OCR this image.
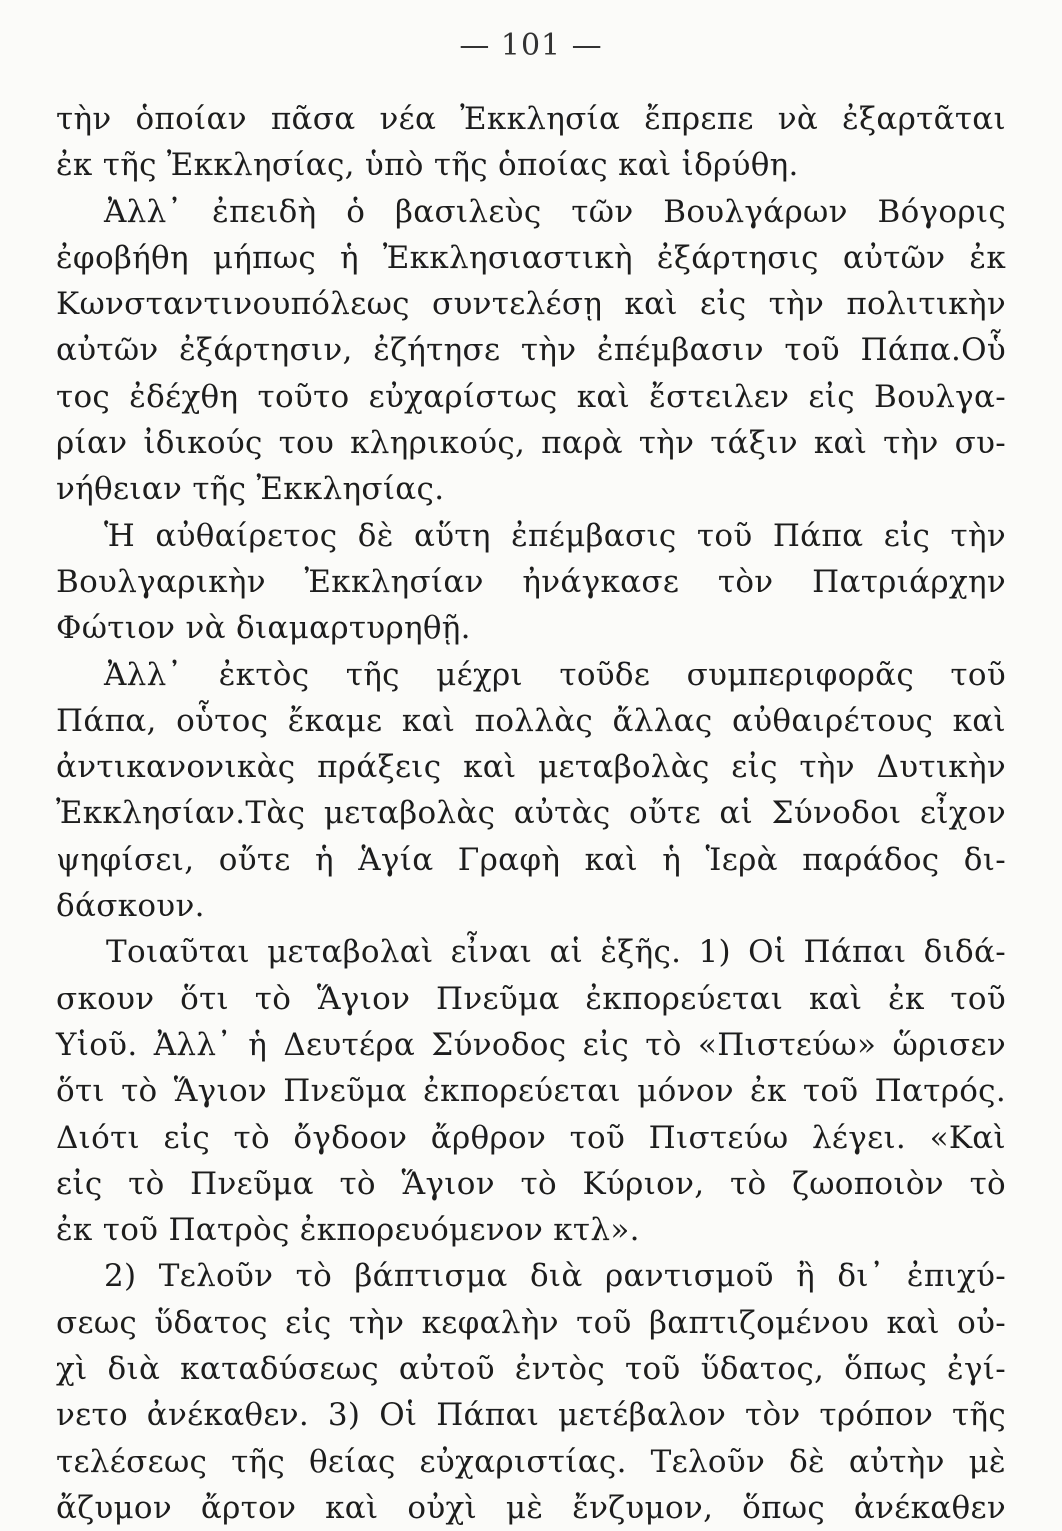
— 101 —
τὴν ὁποίαν πᾶσα νέα Ἐκκλησία ἔπρεπε νὰ ἐξαρτᾶται
ἐκ τῆς Ἐκκλησίας, ὑπὸ τῆς ὁποίας καὶ ἱδρύθη.
Ἀλλ᾽ ἐπειδὴ ὁ βασιλεὺς τῶν Βουλγάρων Βόγορις
ἐφοβήθη μήπως ἡ Ἐκκλησιαστικὴ ἐξάρτησις αὐτῶν ἐκ
Κωνσταντινουπόλεως συντελέσῃ καὶ εἰς τὴν πολιτικὴν
αὐτῶν ἐξάρτησιν, ἐζήτησε τὴν ἐπέμβασιν τοῦ Πάπα.Οὗ
τος ἐδέχθη τοῦτο εὐχαρίστως καὶ ἔστειλεν εἰς Βουλγα-
ρίαν ἰδικούς του κληρικούς, παρὰ τὴν τάξιν καὶ τὴν συ-
νήθειαν τῆς Ἐκκλησίας.
Ἡ αὐθαίρετος δὲ αὕτη ἐπέμβασις τοῦ Πάπα εἰς τὴν
Βουλγαρικὴν Ἐκκλησίαν ἠνάγκασε τὸν Πατριάρχην
Φώτιον νὰ διαμαρτυρηθῇ.
Ἀλλ᾽ ἐκτὸς τῆς μέχρι τοῦδε συμπεριφορᾶς τοῦ
Πάπα, οὗτος ἔκαμε καὶ πολλὰς ἄλλας αὐθαιρέτους καὶ
ἀντικανονικὰς πράξεις καὶ μεταβολὰς εἰς τὴν Δυτικὴν
Ἐκκλησίαν.Τὰς μεταβολὰς αὐτὰς οὔτε αἱ Σύνοδοι εἶχον
ψηφίσει, οὔτε ἡ Ἁγία Γραφὴ καὶ ἡ Ἱερὰ παράδος δι-
δάσκουν.
Τοιαῦται μεταβολαὶ εἶναι αἱ ἑξῆς. 1) Οἱ Πάπαι διδά-
σκουν ὅτι τὸ Ἅγιον Πνεῦμα ἐκπορεύεται καὶ ἐκ τοῦ
Υἱοῦ. Ἀλλ᾽ ἡ Δευτέρα Σύνοδος εἰς τὸ «Πιστεύω» ὥρισεν
ὅτι τὸ Ἅγιον Πνεῦμα ἐκπορεύεται μόνον ἐκ τοῦ Πατρός.
Διότι εἰς τὸ ὄγδοον ἄρθρον τοῦ Πιστεύω λέγει. «Καὶ
εἰς τὸ Πνεῦμα τὸ Ἅγιον τὸ Κύριον, τὸ ζωοποιὸν τὸ
ἐκ τοῦ Πατρὸς ἐκπορευόμενον κτλ».
2) Τελοῦν τὸ βάπτισμα διὰ ραντισμοῦ ἢ δι᾽ ἐπιχύ-
σεως ὕδατος εἰς τὴν κεφαλὴν τοῦ βαπτιζομένου καὶ οὐ-
χὶ διὰ καταδύσεως αὐτοῦ ἐντὸς τοῦ ὕδατος, ὅπως ἐγί-
νετο ἀνέκαθεν. 3) Οἱ Πάπαι μετέβαλον τὸν τρόπον τῆς
τελέσεως τῆς θείας εὐχαριστίας. Τελοῦν δὲ αὐτὴν μὲ
ἄζυμον ἄρτον καὶ οὐχὶ μὲ ἔνζυμον, ὅπως ἀνέκαθεν
